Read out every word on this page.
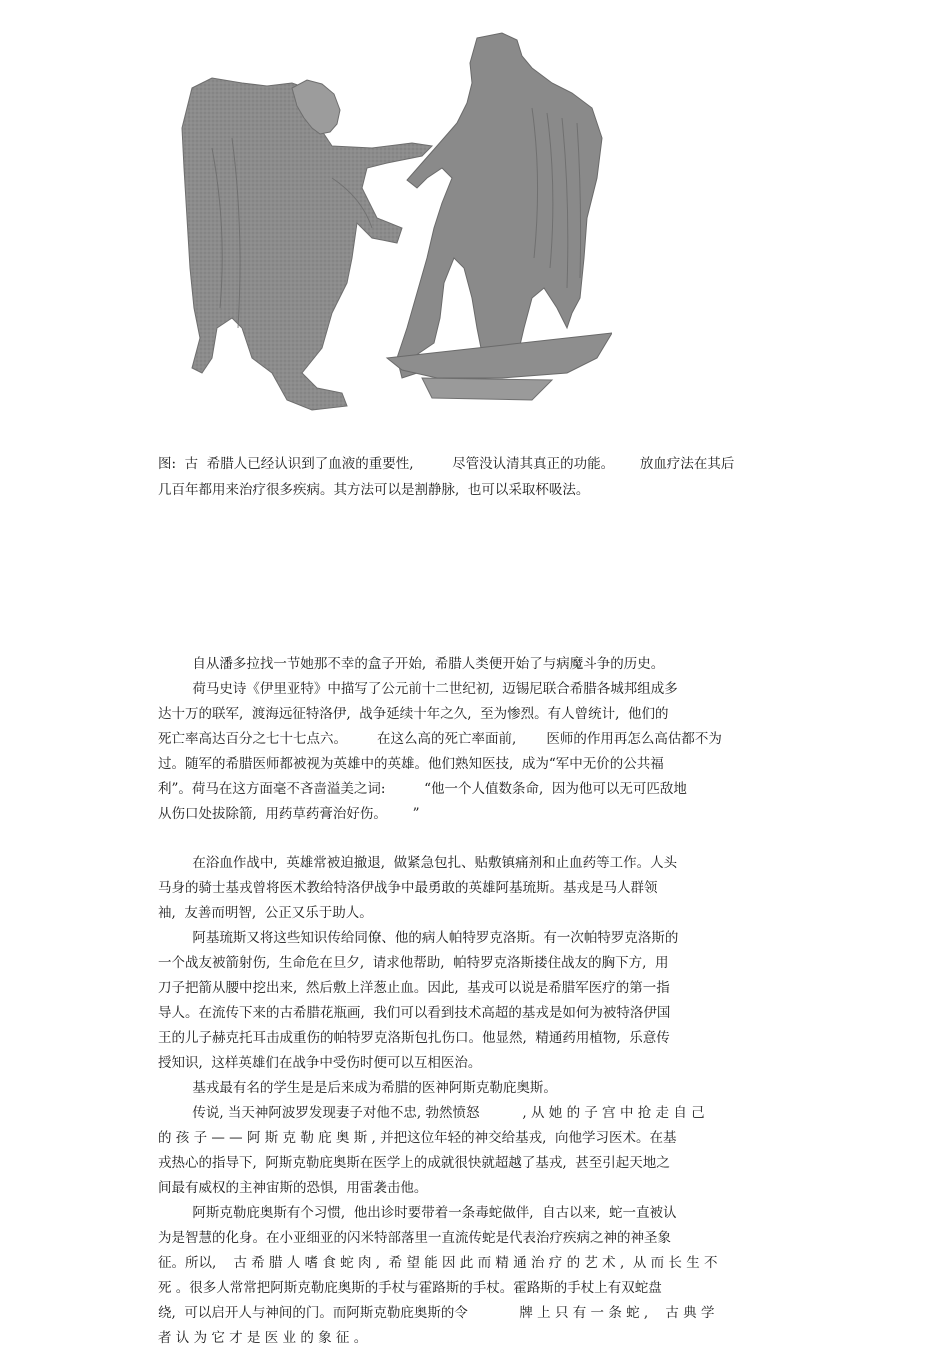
图:  古  希腊人已经认识到了血液的重要性,         尽管没认清其真正的功能。      放血疗法在其后

几百年都用来治疗很多疾病。其方法可以是割静脉,  也可以采取杯吸法。

自从潘多拉找一节她那不幸的盒子开始,  希腊人类便开始了与病魔斗争的历史。

荷马史诗《伊里亚特》中描写了公元前十二世纪初,  迈锡尼联合希腊各城邦组成多

达十万的联军,  渡海远征特洛伊,  战争延续十年之久,  至为惨烈。有人曾统计,  他们的

死亡率高达百分之七十七点六。       在这么高的死亡率面前,       医师的作用再怎么高估都不为

过。随军的希腊医师都被视为英雄中的英雄。他们熟知医技,  成为“军中无价的公共福

利”。荷马在这方面毫不吝啬溢美之词:         “他一个人值数条命,  因为他可以无可匹敌地

从伤口处拔除箭,  用药草药膏治好伤。      ”

在浴血作战中,  英雄常被迫撤退,  做紧急包扎、贴敷镇痛剂和止血药等工作。人头

马身的骑士基戎曾将医术教给特洛伊战争中最勇敢的英雄阿基琉斯。基戎是马人群领

袖,  友善而明智,  公正又乐于助人。

阿基琉斯又将这些知识传给同僚、他的病人帕特罗克洛斯。有一次帕特罗克洛斯的

一个战友被箭射伤,  生命危在旦夕,  请求他帮助,  帕特罗克洛斯搂住战友的胸下方,  用

刀子把箭从腰中挖出来,  然后敷上洋葱止血。因此,  基戎可以说是希腊军医疗的第一指

导人。在流传下来的古希腊花瓶画,  我们可以看到技术高超的基戎是如何为被特洛伊国

王的儿子赫克托耳击成重伤的帕特罗克洛斯包扎伤口。他显然,  精通药用植物,  乐意传

授知识,  这样英雄们在战争中受伤时便可以互相医治。

基戎最有名的学生是是后来成为希腊的医神阿斯克勒庇奥斯。

传说, 当天神阿波罗发现妻子对他不忠, 勃然愤怒          , 从 她 的 子 宫 中 抢 走 自 己

的 孩 子 — — 阿 斯 克 勒 庇 奥 斯 , 并把这位年轻的神交给基戎,  向他学习医术。在基

戎热心的指导下,  阿斯克勒庇奥斯在医学上的成就很快就超越了基戎,  甚至引起天地之

间最有威权的主神宙斯的恐惧,  用雷袭击他。

阿斯克勒庇奥斯有个习惯,  他出诊时要带着一条毒蛇做伴,  自古以来,  蛇一直被认

为是智慧的化身。在小亚细亚的闪米特部落里一直流传蛇是代表治疗疾病之神的神圣象

征。所以,    古 希 腊 人 嗜 食 蛇 肉 ,  希 望 能 因 此 而 精 通 治 疗 的 艺 术 ,  从 而 长 生 不

死 。很多人常常把阿斯克勒庇奥斯的手杖与霍路斯的手杖。霍路斯的手杖上有双蛇盘

绕,  可以启开人与神间的门。而阿斯克勒庇奥斯的令            牌 上 只 有 一 条 蛇 ,    古 典 学

者 认 为 它 才 是 医 业 的 象 征 。
